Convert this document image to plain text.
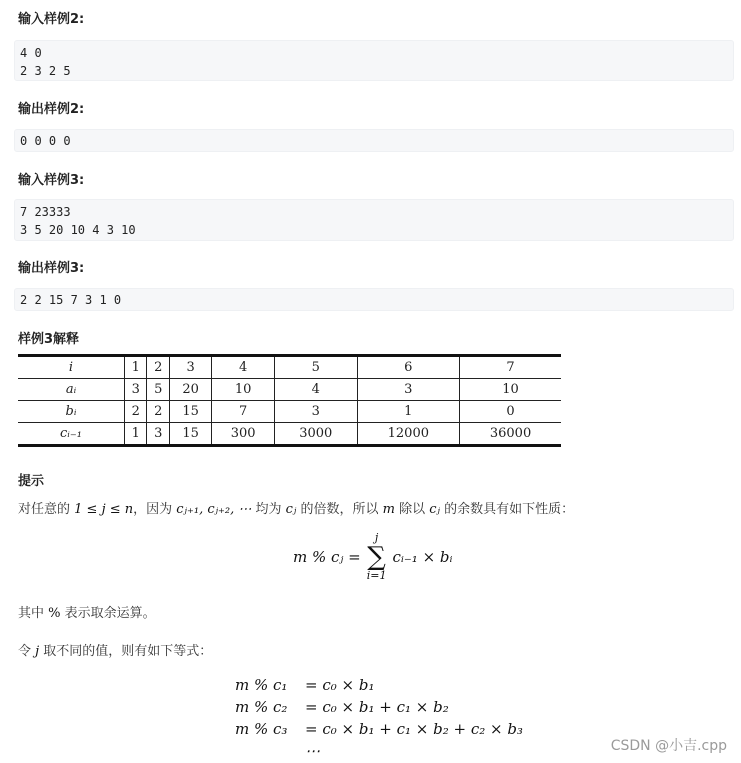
输入样例2:
4 0
2 3 2 5
输出样例2:
0 0 0 0
输入样例3:
7 23333
3 5 20 10 4 3 10
输出样例3:
2 2 15 7 3 1 0
样例3解释
i	1	2	3	4	5	6	7
aᵢ	3	5	20	10	4	3	10
bᵢ	2	2	15	7	3	1	0
cᵢ₋₁	1	3	15	300	3000	12000	36000
提示
对任意的 1 ≤ j ≤ n，因为 cⱼ₊₁, cⱼ₊₂, ⋯ 均为 cⱼ 的倍数，所以 m 除以 cⱼ 的余数具有如下性质：
m % cⱼ =
j
∑
i=1
cᵢ₋₁ × bᵢ
其中 % 表示取余运算。
令 j 取不同的值，则有如下等式：
m % c₁	= c₀ × b₁
m % c₂	= c₀ × b₁ + c₁ × b₂
m % c₃	= c₀ × b₁ + c₁ × b₂ + c₂ × b₃
⋯	CSDN @小吉.cpp
